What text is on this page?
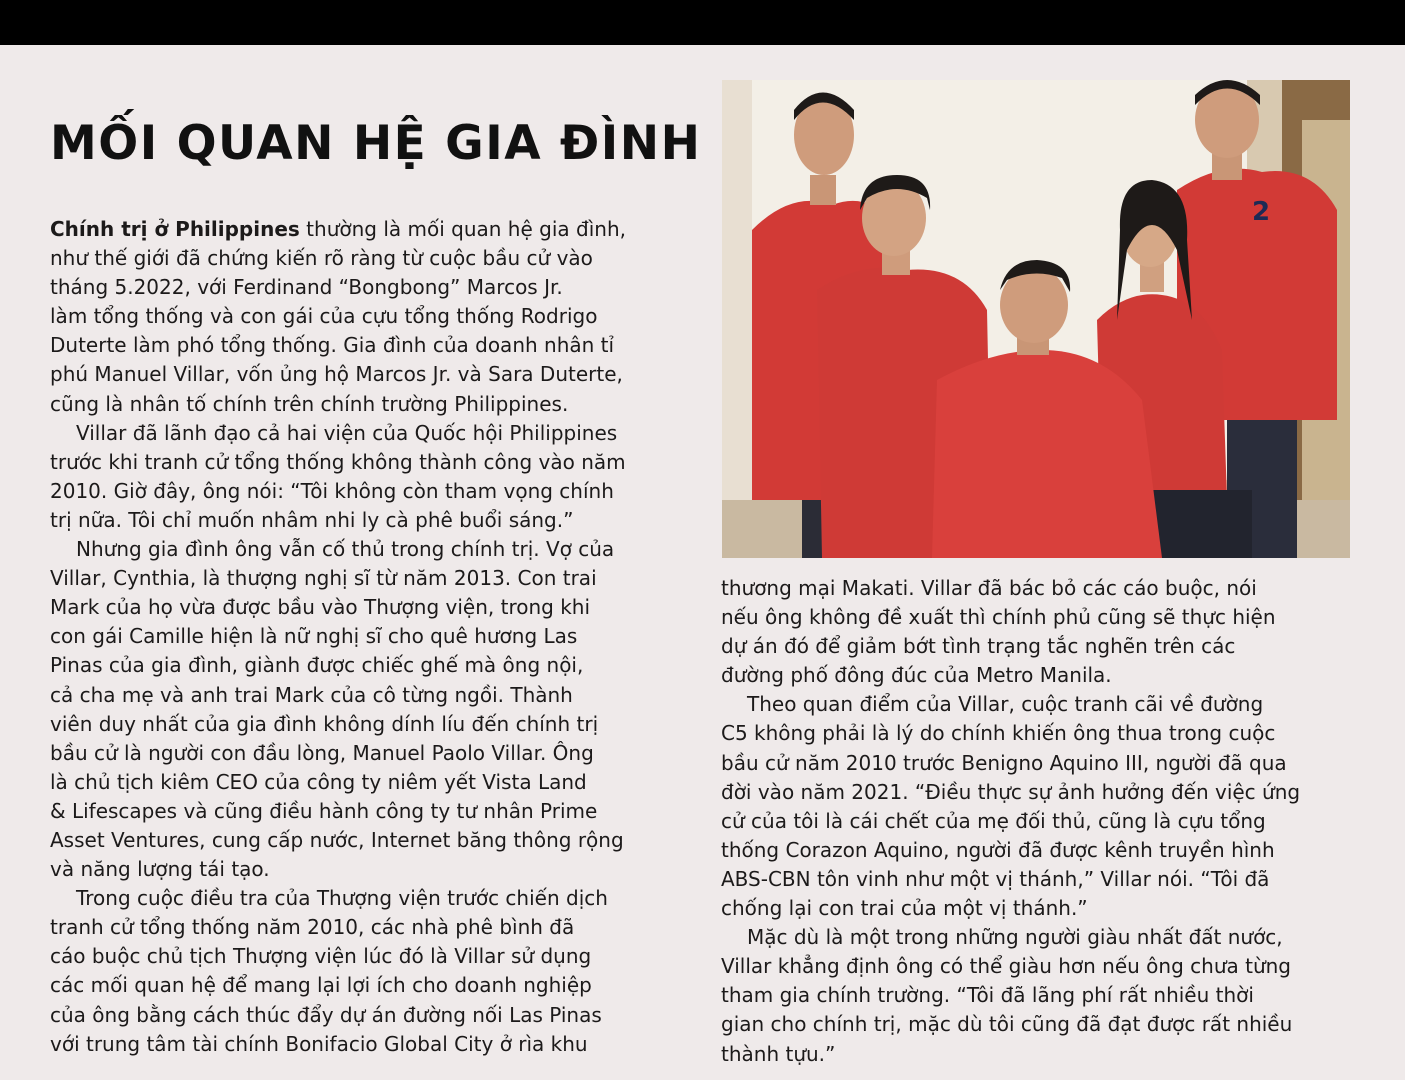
MỐI QUAN HỆ GIA ĐÌNH
Chính trị ở Philippines thường là mối quan hệ gia đình,
như thế giới đã chứng kiến rõ ràng từ cuộc bầu cử vào
tháng 5.2022, với Ferdinand “Bongbong” Marcos Jr.
làm tổng thống và con gái của cựu tổng thống Rodrigo
Duterte làm phó tổng thống. Gia đình của doanh nhân tỉ
phú Manuel Villar, vốn ủng hộ Marcos Jr. và Sara Duterte,
cũng là nhân tố chính trên chính trường Philippines.
Villar đã lãnh đạo cả hai viện của Quốc hội Philippines
trước khi tranh cử tổng thống không thành công vào năm
2010. Giờ đây, ông nói: “Tôi không còn tham vọng chính
trị nữa. Tôi chỉ muốn nhâm nhi ly cà phê buổi sáng.”
Nhưng gia đình ông vẫn cố thủ trong chính trị. Vợ của
Villar, Cynthia, là thượng nghị sĩ từ năm 2013. Con trai
Mark của họ vừa được bầu vào Thượng viện, trong khi
con gái Camille hiện là nữ nghị sĩ cho quê hương Las
Pinas của gia đình, giành được chiếc ghế mà ông nội,
cả cha mẹ và anh trai Mark của cô từng ngồi. Thành
viên duy nhất của gia đình không dính líu đến chính trị
bầu cử là người con đầu lòng, Manuel Paolo Villar. Ông
là chủ tịch kiêm CEO của công ty niêm yết Vista Land
& Lifescapes và cũng điều hành công ty tư nhân Prime
Asset Ventures, cung cấp nước, Internet băng thông rộng
và năng lượng tái tạo.
Trong cuộc điều tra của Thượng viện trước chiến dịch
tranh cử tổng thống năm 2010, các nhà phê bình đã
cáo buộc chủ tịch Thượng viện lúc đó là Villar sử dụng
các mối quan hệ để mang lại lợi ích cho doanh nghiệp
của ông bằng cách thúc đẩy dự án đường nối Las Pinas
với trung tâm tài chính Bonifacio Global City ở rìa khu
2
thương mại Makati. Villar đã bác bỏ các cáo buộc, nói
nếu ông không đề xuất thì chính phủ cũng sẽ thực hiện
dự án đó để giảm bớt tình trạng tắc nghẽn trên các
đường phố đông đúc của Metro Manila.
Theo quan điểm của Villar, cuộc tranh cãi về đường
C5 không phải là lý do chính khiến ông thua trong cuộc
bầu cử năm 2010 trước Benigno Aquino III, người đã qua
đời vào năm 2021. “Điều thực sự ảnh hưởng đến việc ứng
cử của tôi là cái chết của mẹ đối thủ, cũng là cựu tổng
thống Corazon Aquino, người đã được kênh truyền hình
ABS-CBN tôn vinh như một vị thánh,” Villar nói. “Tôi đã
chống lại con trai của một vị thánh.”
Mặc dù là một trong những người giàu nhất đất nước,
Villar khẳng định ông có thể giàu hơn nếu ông chưa từng
tham gia chính trường. “Tôi đã lãng phí rất nhiều thời
gian cho chính trị, mặc dù tôi cũng đã đạt được rất nhiều
thành tựu.”
